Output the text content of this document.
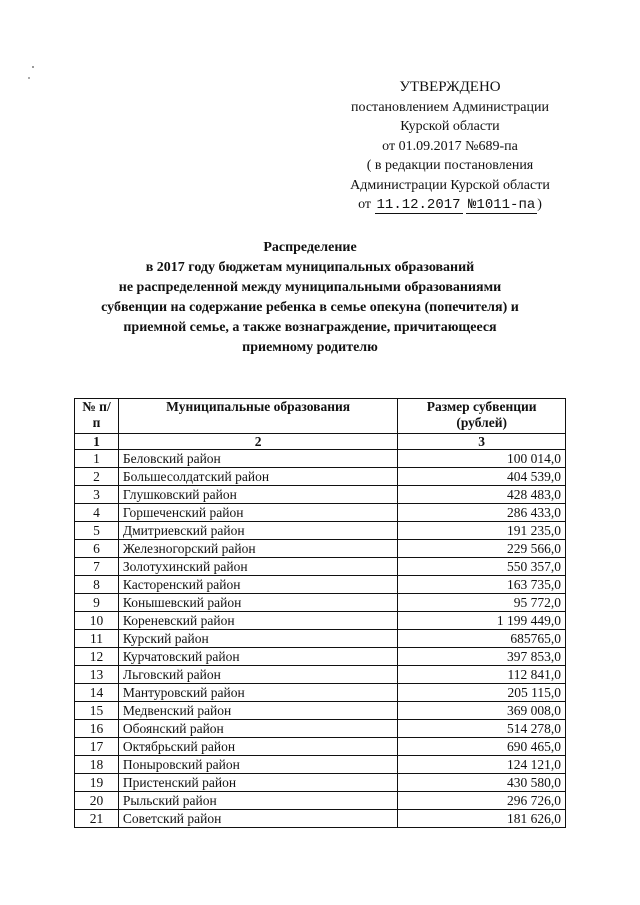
УТВЕРЖДЕНО
постановлением Администрации
Курской области
от 01.09.2017 №689-па
( в редакции постановления
Администрации Курской области
от 11.12.2017 №1011-па )
Распределение
в 2017 году бюджетам муниципальных образований
не распределенной между муниципальными образованиями
субвенции на содержание ребенка в семье опекуна (попечителя) и
приемной семье, а также вознаграждение, причитающееся
приемному родителю
№ п/п	Муниципальные образования	Размер субвенции (рублей)
1	2	3
1	Беловский район	100 014,0
2	Большесолдатский район	404 539,0
3	Глушковский район	428 483,0
4	Горшеченский район	286 433,0
5	Дмитриевский район	191 235,0
6	Железногорский район	229 566,0
7	Золотухинский район	550 357,0
8	Касторенский район	163 735,0
9	Конышевский район	95 772,0
10	Кореневский район	1 199 449,0
11	Курский район	685765,0
12	Курчатовский район	397 853,0
13	Льговский район	112 841,0
14	Мантуровский район	205 115,0
15	Медвенский район	369 008,0
16	Обоянский район	514 278,0
17	Октябрьский район	690 465,0
18	Поныровский район	124 121,0
19	Пристенский район	430 580,0
20	Рыльский район	296 726,0
21	Советский район	181 626,0
